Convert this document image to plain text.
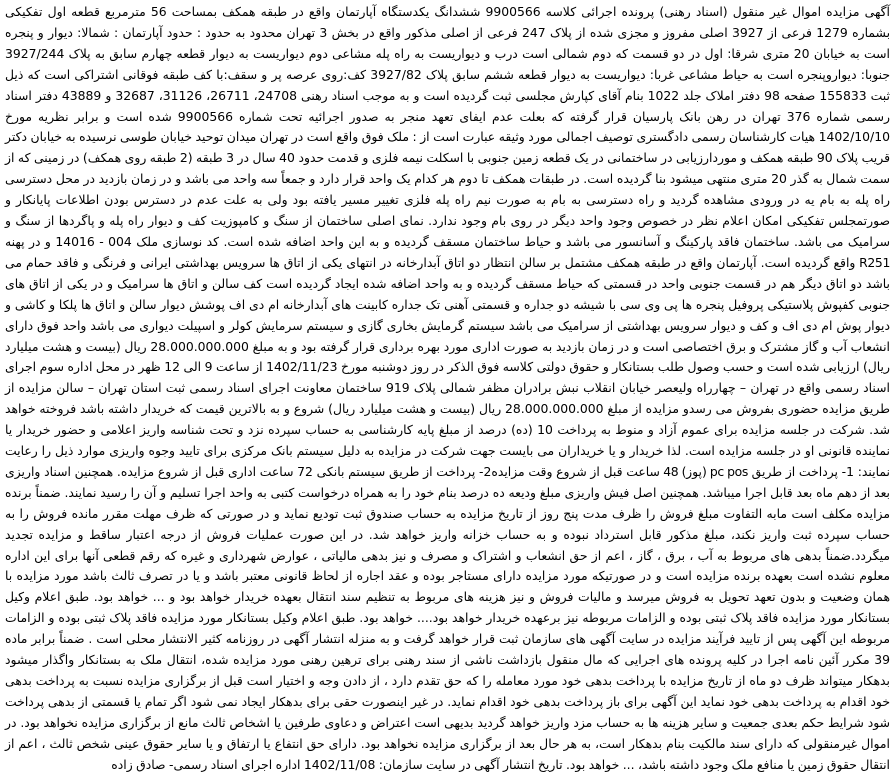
آگهی مزایده اموال غیر منقول (اسناد رهنی) پرونده اجرائی کلاسه 9900566 ششدانگ یکدستگاه آپارتمان واقع در طبقه همکف بمساحت 56 مترمربع قطعه اول تفکیکی بشماره 1279 فرعی از 3927 اصلی مفروز و مجزی شده از پلاک 247 فرعی از اصلی مذکور واقع در بخش 3 تهران محدود به حدود : حدود آپارتمان : شمالا: دیوار و پنجره است به خیابان 20 متری شرقا: اول در دو قسمت که دوم شمالی است درب و دیواریست به راه پله مشاعی دوم دیواریست به دیوار قطعه چهارم سابق به پلاک 3927/244 جنوبا: دیواروپنجره است به حیاط مشاعی غربا: دیواریست به دیوار قطعه ششم سابق پلاک 3927/82 کف:روی عرصه پر و سقف:با کف طبقه فوقانی اشتراکی است که ذیل ثبت 155833 صفحه 98 دفتر املاک جلد 1022 بنام آقای کپارش مجلسی ثبت گردیده است و به موجب اسناد رهنی 24708، 26711، 31126، 32687 و 43889 دفتر اسناد رسمی شماره 376 تهران در رهن بانک پارسیان قرار گرفته که بعلت عدم ایفای تعهد منجر به صدور اجرائیه تحت شماره 9900566 شده است و برابر نظریه مورخ 1402/10/10 هیات کارشناسان رسمی دادگستری توصیف اجمالی مورد وثیقه عبارت است از : ملک فوق واقع است در تهران میدان توحید خیابان طوسی نرسیده به خیابان دکتر قریب پلاک 90 طبقه همکف و موردارزیابی در ساختمانی در یک قطعه زمین جنوبی با اسکلت نیمه فلزی و قدمت حدود 40 سال در 3 طبقه (2 طبقه روی همکف) در زمینی که از سمت شمال به گذر 20 متری منتهی میشود بنا گردیده است. در طبقات همکف تا دوم هر کدام یک واحد قرار دارد و جمعاً سه واحد می باشد و در زمان بازدید در محل دسترسی راه پله به بام یه در ورودی مشاهده گردید و راه دسترسی به بام به صورت نیم راه پله فلزی تغییر مسیر یافته بود ولی به علت عدم در دسترس بودن اطلاعات پایانکار و صورتمجلس تفکیکی امکان اعلام نظر در خصوص وجود واحد دیگر در روی بام وجود ندارد. نمای اصلی ساختمان از سنگ و کامپوزیت کف و دیوار راه پله و پاگردها از سنگ و سرامیک می باشد. ساختمان فاقد پارکینگ و آسانسور می باشد و حیاط ساختمان مسقف گردیده و به این واحد اضافه شده است. کد نوسازی ملک 004 - 14016 و در پهنه R251 واقع گردیده است. آپارتمان واقع در طبقه همکف مشتمل بر سالن انتظار دو اتاق آبدارخانه در انتهای یکی از اتاق ها سرویس بهداشتی ایرانی و فرنگی و فاقد حمام می باشد دو اتاق دیگر هم در قسمت جنوبی واحد در قسمتی که حیاط مسقف گردیده و به واحد اضافه شده ایجاد گردیده است کف سالن و اتاق ها سرامیک و در یکی از اتاق های جنوبی کفپوش پلاستیکی پروفیل پنجره ها پی وی سی با شیشه دو جداره و قسمتی آهنی تک جداره کابینت های آبدارخانه ام دی اف پوشش دیوار سالن و اتاق ها پلکا و کاشی و دیوار پوش ام دی اف و کف و دیوار سرویس بهداشتی از سرامیک می باشد سیستم گرمایش بخاری گازی و سیستم سرمایش کولر و اسپیلت دیواری می باشد واحد فوق دارای انشعاب آب و گاز مشترک و برق اختصاصی است و در زمان بازدید به صورت اداری مورد بهره برداری قرار گرفته بود و به مبلغ 28.000.000.000 ریال (بیست و هشت میلیارد ریال) ارزیابی شده است و حسب وصول طلب بستانکار و حقوق دولتی کلاسه فوق الذکر در روز دوشنبه مورخ 1402/11/23 از ساعت 9 الی 12 ظهر در محل اداره سوم اجرای اسناد رسمی واقع در تهران – چهارراه ولیعصر خیابان انقلاب نبش برادران مظفر شمالی پلاک 919 ساختمان معاونت اجرای اسناد رسمی ثبت استان تهران – سالن مزایده از طریق مزایده حضوری بفروش می رسدو مزایده از مبلغ 28.000.000.000 ریال (بیست و هشت میلیارد ریال) شروع و به بالاترین قیمت که خریدار داشته باشد فروخته خواهد شد. شرکت در جلسه مزایده برای عموم آزاد و منوط به پرداخت 10 (ده) درصد از مبلغ پایه کارشناسی به حساب سپرده نزد و تحت شناسه واریز اعلامی و حضور خریدار یا نماینده قانونی او در جلسه مزایده است. لذا خریدار و یا خریداران می بایست جهت شرکت در مزایده به دلیل سیستم بانک مرکزی برای تایید وجوه واریزی موارد ذیل را رعایت نمایند: 1- پرداخت از طریق pc pos (پوز) 48 ساعت قبل از شروع وقت مزایده2- پرداخت از طریق سیستم بانکی 72 ساعت اداری قبل از شروع مزایده. همچنین اسناد واریزی بعد از دهم ماه بعد قابل اجرا میباشد. همچنین اصل فیش واریزی مبلغ ودیعه ده درصد بنام خود را به همراه درخواست کتبی به واحد اجرا تسلیم و آن را رسید نمایند. ضمناً برنده مزایده مکلف است مابه التفاوت مبلغ فروش را ظرف مدت پنج روز از تاریخ مزایده به حساب صندوق ثبت تودیع نماید و در صورتی که ظرف مهلت مقرر مانده فروش را به حساب سپرده ثبت واریز نکند، مبلغ مذکور قابل استرداد نبوده و به حساب خزانه واریز خواهد شد. در این صورت عملیات فروش از درجه اعتبار ساقط و مزایده تجدید میگردد.ضمناً بدهی های مربوط به آب ، برق ، گاز ، اعم از حق انشعاب و اشتراک و مصرف و نیز بدهی مالیاتی ، عوارض شهرداری و غیره که رقم قطعی آنها برای این اداره معلوم نشده است بعهده برنده مزایده است و در صورتیکه مورد مزایده دارای مستاجر بوده و عقد اجاره از لحاظ قانونی معتبر باشد و یا در تصرف ثالث باشد مورد مزایده با همان وضعیت و بدون تعهد تحویل به فروش میرسد و مالیات فروش و نیز هزینه های مربوط به تنظیم سند انتقال بعهده خریدار خواهد بود و ... خواهد بود. طبق اعلام وکیل بستانکار مورد مزایده فاقد پلاک ثبتی بوده و الزامات مربوطه نیز برعهده خریدار خواهد بود.... خواهد بود. طبق اعلام وکیل بستانکار مورد مزایده فاقد پلاک ثبتی بوده و الزامات مربوطه این آگهی پس از تایید فرآیند مزایده در سایت آگهی های سازمان ثبت قرار خواهد گرفت و به منزله انتشار آگهی در روزنامه کثیر الانتشار محلی است . ضمناً برابر ماده 39 مکرر آئین نامه اجرا در کلیه پرونده های اجرایی که مال منقول بازداشت ناشی از سند رهنی برای ترهین رهنی مورد مزایده شده، انتقال ملک به بستانکار واگذار میشود بدهکار میتواند ظرف دو ماه از تاریخ مزایده با پرداخت بدهی خود مورد معامله را که حق تقدم دارد ، از دادن وجه و اختیار است قبل از برگزاری مزایده نسبت به پرداخت بدهی خود اقدام به پرداخت بدهی خود نماید این آگهی برای باز پرداخت بدهی خود اقدام نماید. در غیر اینصورت حقی برای بدهکار ایجاد نمی شود اگر تمام یا قسمتی از بدهی پرداخت شود شرایط حکم بعدی جمعیت و سایر هزینه ها به حساب مزد واریز خواهد گردید بدیهی است اعتراض و دعاوی طرفین یا اشخاص ثالث مانع از برگزاری مزایده نخواهد بود. در اموال غیرمنقولی که دارای سند مالکیت بنام بدهکار است، به هر حال بعد از برگزاری مزایده نخواهد بود. دارای حق انتفاع یا ارتفاق و یا سایر حقوق عینی شخص ثالث ، اعم از انتقال حقوق زمین یا منافع ملک وجود داشته باشد، ... خواهد بود. تاریخ انتشار آگهی در سایت سازمان: 1402/11/08 اداره اجرای اسناد رسمی- صادق زاده
